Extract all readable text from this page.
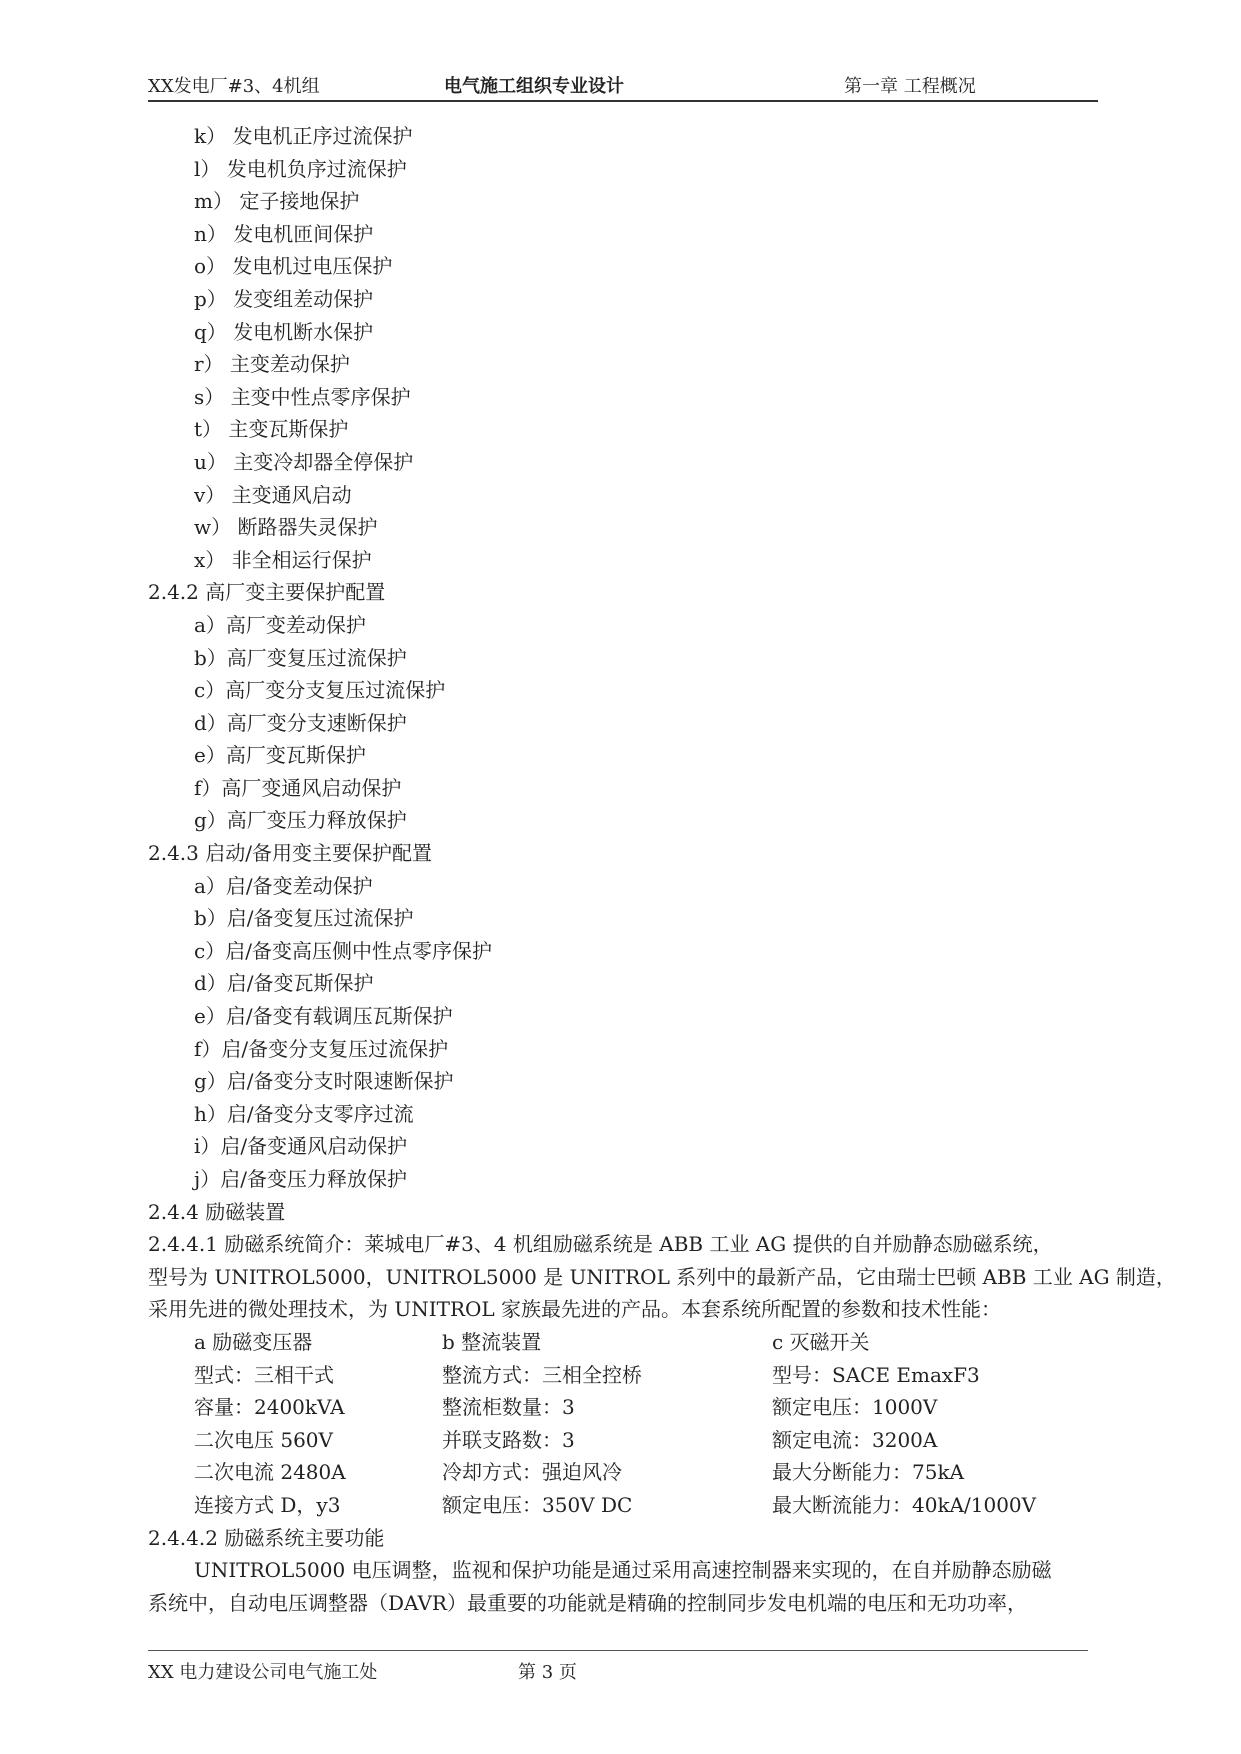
XX发电厂#3、4机组	电气施工组织专业设计	第一章 工程概况
k） 发电机正序过流保护
l） 发电机负序过流保护
m） 定子接地保护
n） 发电机匝间保护
o） 发电机过电压保护
p） 发变组差动保护
q） 发电机断水保护
r） 主变差动保护
s） 主变中性点零序保护
t） 主变瓦斯保护
u） 主变冷却器全停保护
v） 主变通风启动
w） 断路器失灵保护
x） 非全相运行保护
2.4.2 高厂变主要保护配置
a）高厂变差动保护
b）高厂变复压过流保护
c）高厂变分支复压过流保护
d）高厂变分支速断保护
e）高厂变瓦斯保护
f）高厂变通风启动保护
g）高厂变压力释放保护
2.4.3 启动/备用变主要保护配置
a）启/备变差动保护
b）启/备变复压过流保护
c）启/备变高压侧中性点零序保护
d）启/备变瓦斯保护
e）启/备变有载调压瓦斯保护
f）启/备变分支复压过流保护
g）启/备变分支时限速断保护
h）启/备变分支零序过流
i）启/备变通风启动保护
j）启/备变压力释放保护
2.4.4 励磁装置
2.4.4.1 励磁系统简介：莱城电厂#3、4 机组励磁系统是 ABB 工业 AG 提供的自并励静态励磁系统，
型号为 UNITROL5000，UNITROL5000 是 UNITROL 系列中的最新产品，它由瑞士巴顿 ABB 工业 AG 制造，
采用先进的微处理技术，为 UNITROL 家族最先进的产品。本套系统所配置的参数和技术性能：
a 励磁变压器	b 整流装置	c 灭磁开关
型式：三相干式	整流方式：三相全控桥	型号：SACE EmaxF3
容量：2400kVA	整流柜数量：3	额定电压：1000V
二次电压 560V	并联支路数：3	额定电流：3200A
二次电流 2480A	冷却方式：强迫风冷	最大分断能力：75kA
连接方式 D，y3	额定电压：350V DC	最大断流能力：40kA/1000V
2.4.4.2 励磁系统主要功能
UNITROL5000 电压调整，监视和保护功能是通过采用高速控制器来实现的，在自并励静态励磁
系统中，自动电压调整器（DAVR）最重要的功能就是精确的控制同步发电机端的电压和无功功率，
XX 电力建设公司电气施工处	第 3 页
